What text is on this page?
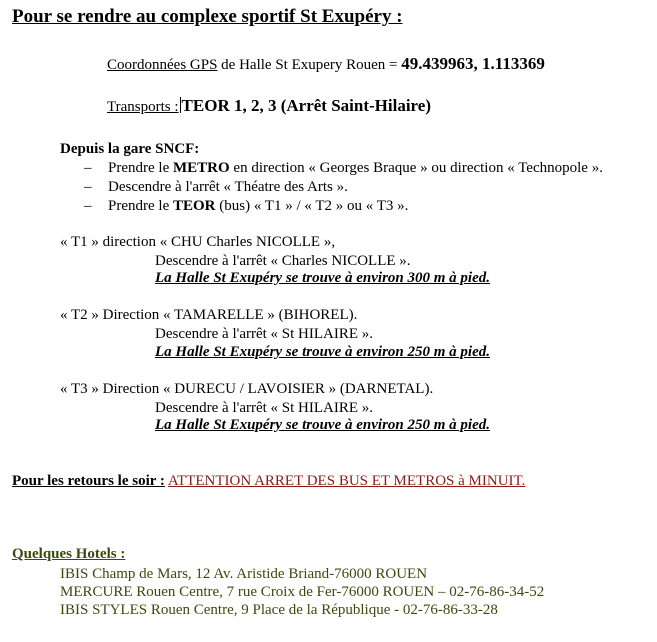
Pour se rendre au complexe sportif St Exupéry :
Coordonnées GPS de Halle St Exupery Rouen = 49.439963, 1.113369
Transports : TEOR 1, 2, 3 (Arrêt Saint-Hilaire)
Depuis la gare SNCF:
– Prendre le METRO en direction « Georges Braque » ou direction « Technopole ».
– Descendre à l'arrêt « Théatre des Arts ».
– Prendre le TEOR (bus) « T1 » / « T2 » ou « T3 ».
« T1 » direction « CHU Charles NICOLLE »,
Descendre à l'arrêt « Charles NICOLLE ».
La Halle St Exupéry se trouve à environ 300 m à pied.
« T2 » Direction « TAMARELLE » (BIHOREL).
Descendre à l'arrêt « St HILAIRE ».
La Halle St Exupéry se trouve à environ 250 m à pied.
« T3 » Direction « DURECU / LAVOISIER » (DARNETAL).
Descendre à l'arrêt « St HILAIRE ».
La Halle St Exupéry se trouve à environ 250 m à pied.
Pour les retours le soir : ATTENTION ARRET DES BUS ET METROS à MINUIT.
Quelques Hotels :
IBIS Champ de Mars, 12 Av. Aristide Briand-76000 ROUEN
MERCURE Rouen Centre, 7 rue Croix de Fer-76000 ROUEN – 02-76-86-34-52
IBIS STYLES Rouen Centre, 9 Place de la République - 02-76-86-33-28
